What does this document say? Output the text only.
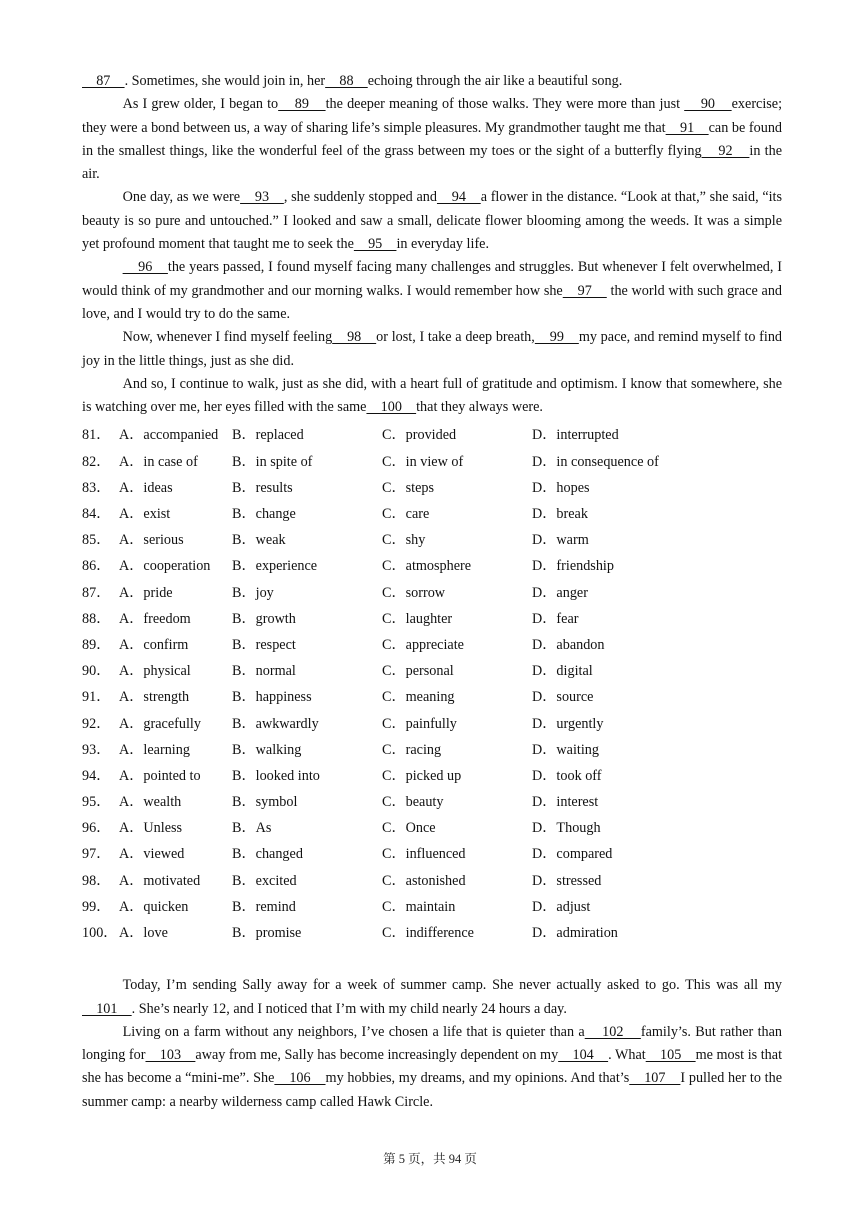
87    . Sometimes, she would join in, her    88    echoing through the air like a beautiful song.

As I grew older, I began to    89    the deeper meaning of those walks. They were more than just     90    exercise; they were a bond between us, a way of sharing life’s simple pleasures. My grandmother taught me that    91    can be found in the smallest things, like the wonderful feel of the grass between my toes or the sight of a butterfly flying    92    in the air.

One day, as we were    93    , she suddenly stopped and    94    a flower in the distance. “Look at that,” she said, “its beauty is so pure and untouched.” I looked and saw a small, delicate flower blooming among the weeds. It was a simple yet profound moment that taught me to seek the    95    in everyday life.

96    the years passed, I found myself facing many challenges and struggles. But whenever I felt overwhelmed, I would think of my grandmother and our morning walks. I would remember how she    97     the world with such grace and love, and I would try to do the same.

Now, whenever I find myself feeling    98    or lost, I take a deep breath,    99    my pace, and remind myself to find joy in the little things, just as she did.

And so, I continue to walk, just as she did, with a heart full of gratitude and optimism. I know that somewhere, she is watching over me, her eyes filled with the same    100    that they always were.

81． A．accompanied B．replaced	C．provided	D．interrupted
82． A．in case of B．in spite of	C．in view of	D．in consequence of
83． A．ideas	B．results	C．steps	D．hopes
84． A．exist	B．change	C．care	D．break
85． A．serious	B．weak	C．shy	D．warm
86． A．cooperation B．experience	C．atmosphere	D．friendship
87． A．pride	B．joy	C．sorrow	D．anger
88． A．freedom	B．growth	C．laughter	D．fear
89． A．confirm	B．respect	C．appreciate	D．abandon
90． A．physical	B．normal	C．personal	D．digital
91． A．strength	B．happiness	C．meaning	D．source
92． A．gracefully B．awkwardly	C．painfully	D．urgently
93． A．learning	B．walking	C．racing	D．waiting
94． A．pointed to B．looked into	C．picked up	D．took off
95． A．wealth	B．symbol	C．beauty	D．interest
96． A．Unless	B．As	C．Once	D．Though
97． A．viewed	B．changed	C．influenced	D．compared
98． A．motivated B．excited	C．astonished	D．stressed
99． A．quicken	B．remind	C．maintain	D．adjust
100． A．love	B．promise	C．indifference	D．admiration

Today, I’m sending Sally away for a week of summer camp. She never actually asked to go. This was all my    101    . She’s nearly 12, and I noticed that I’m with my child nearly 24 hours a day.

Living on a farm without any neighbors, I’ve chosen a life that is quieter than a    102    family’s. But rather than longing for    103    away from me, Sally has become increasingly dependent on my    104    . What    105    me most is that she has become a “mini-me”. She    106    my hobbies, my dreams, and my opinions. And that’s    107    I pulled her to the summer camp: a nearby wilderness camp called Hawk Circle.

第 5 页，共 94 页
